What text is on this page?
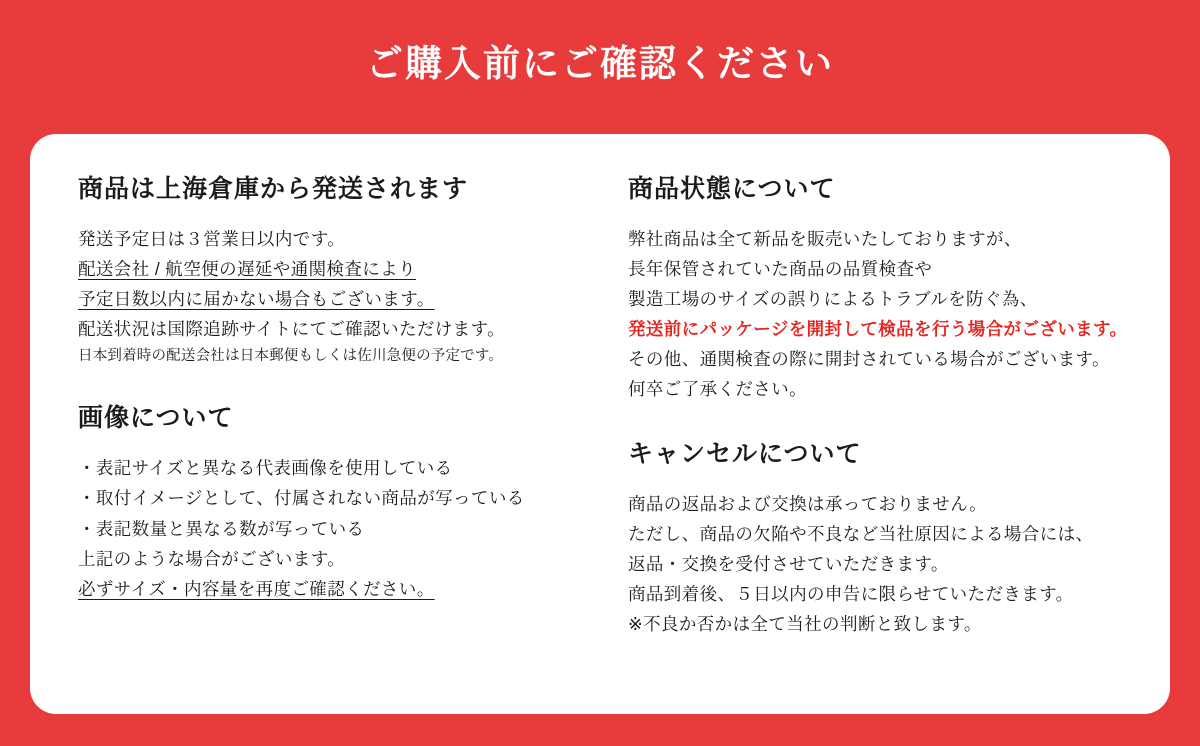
ご購入前にご確認ください
商品は上海倉庫から発送されます
発送予定日は３営業日以内です。
配送会社 / 航空便の遅延や通関検査により
予定日数以内に届かない場合もございます。
配送状況は国際追跡サイトにてご確認いただけます。
日本到着時の配送会社は日本郵便もしくは佐川急便の予定です。
画像について
・表記サイズと異なる代表画像を使用している
・取付イメージとして、付属されない商品が写っている
・表記数量と異なる数が写っている
上記のような場合がございます。
必ずサイズ・内容量を再度ご確認ください。
商品状態について
弊社商品は全て新品を販売いたしておりますが、
長年保管されていた商品の品質検査や
製造工場のサイズの誤りによるトラブルを防ぐ為、
発送前にパッケージを開封して検品を行う場合がございます。
その他、通関検査の際に開封されている場合がございます。
何卒ご了承ください。
キャンセルについて
商品の返品および交換は承っておりません。
ただし、商品の欠陥や不良など当社原因による場合には、
返品・交換を受付させていただきます。
商品到着後、５日以内の申告に限らせていただきます。
※不良か否かは全て当社の判断と致します。
